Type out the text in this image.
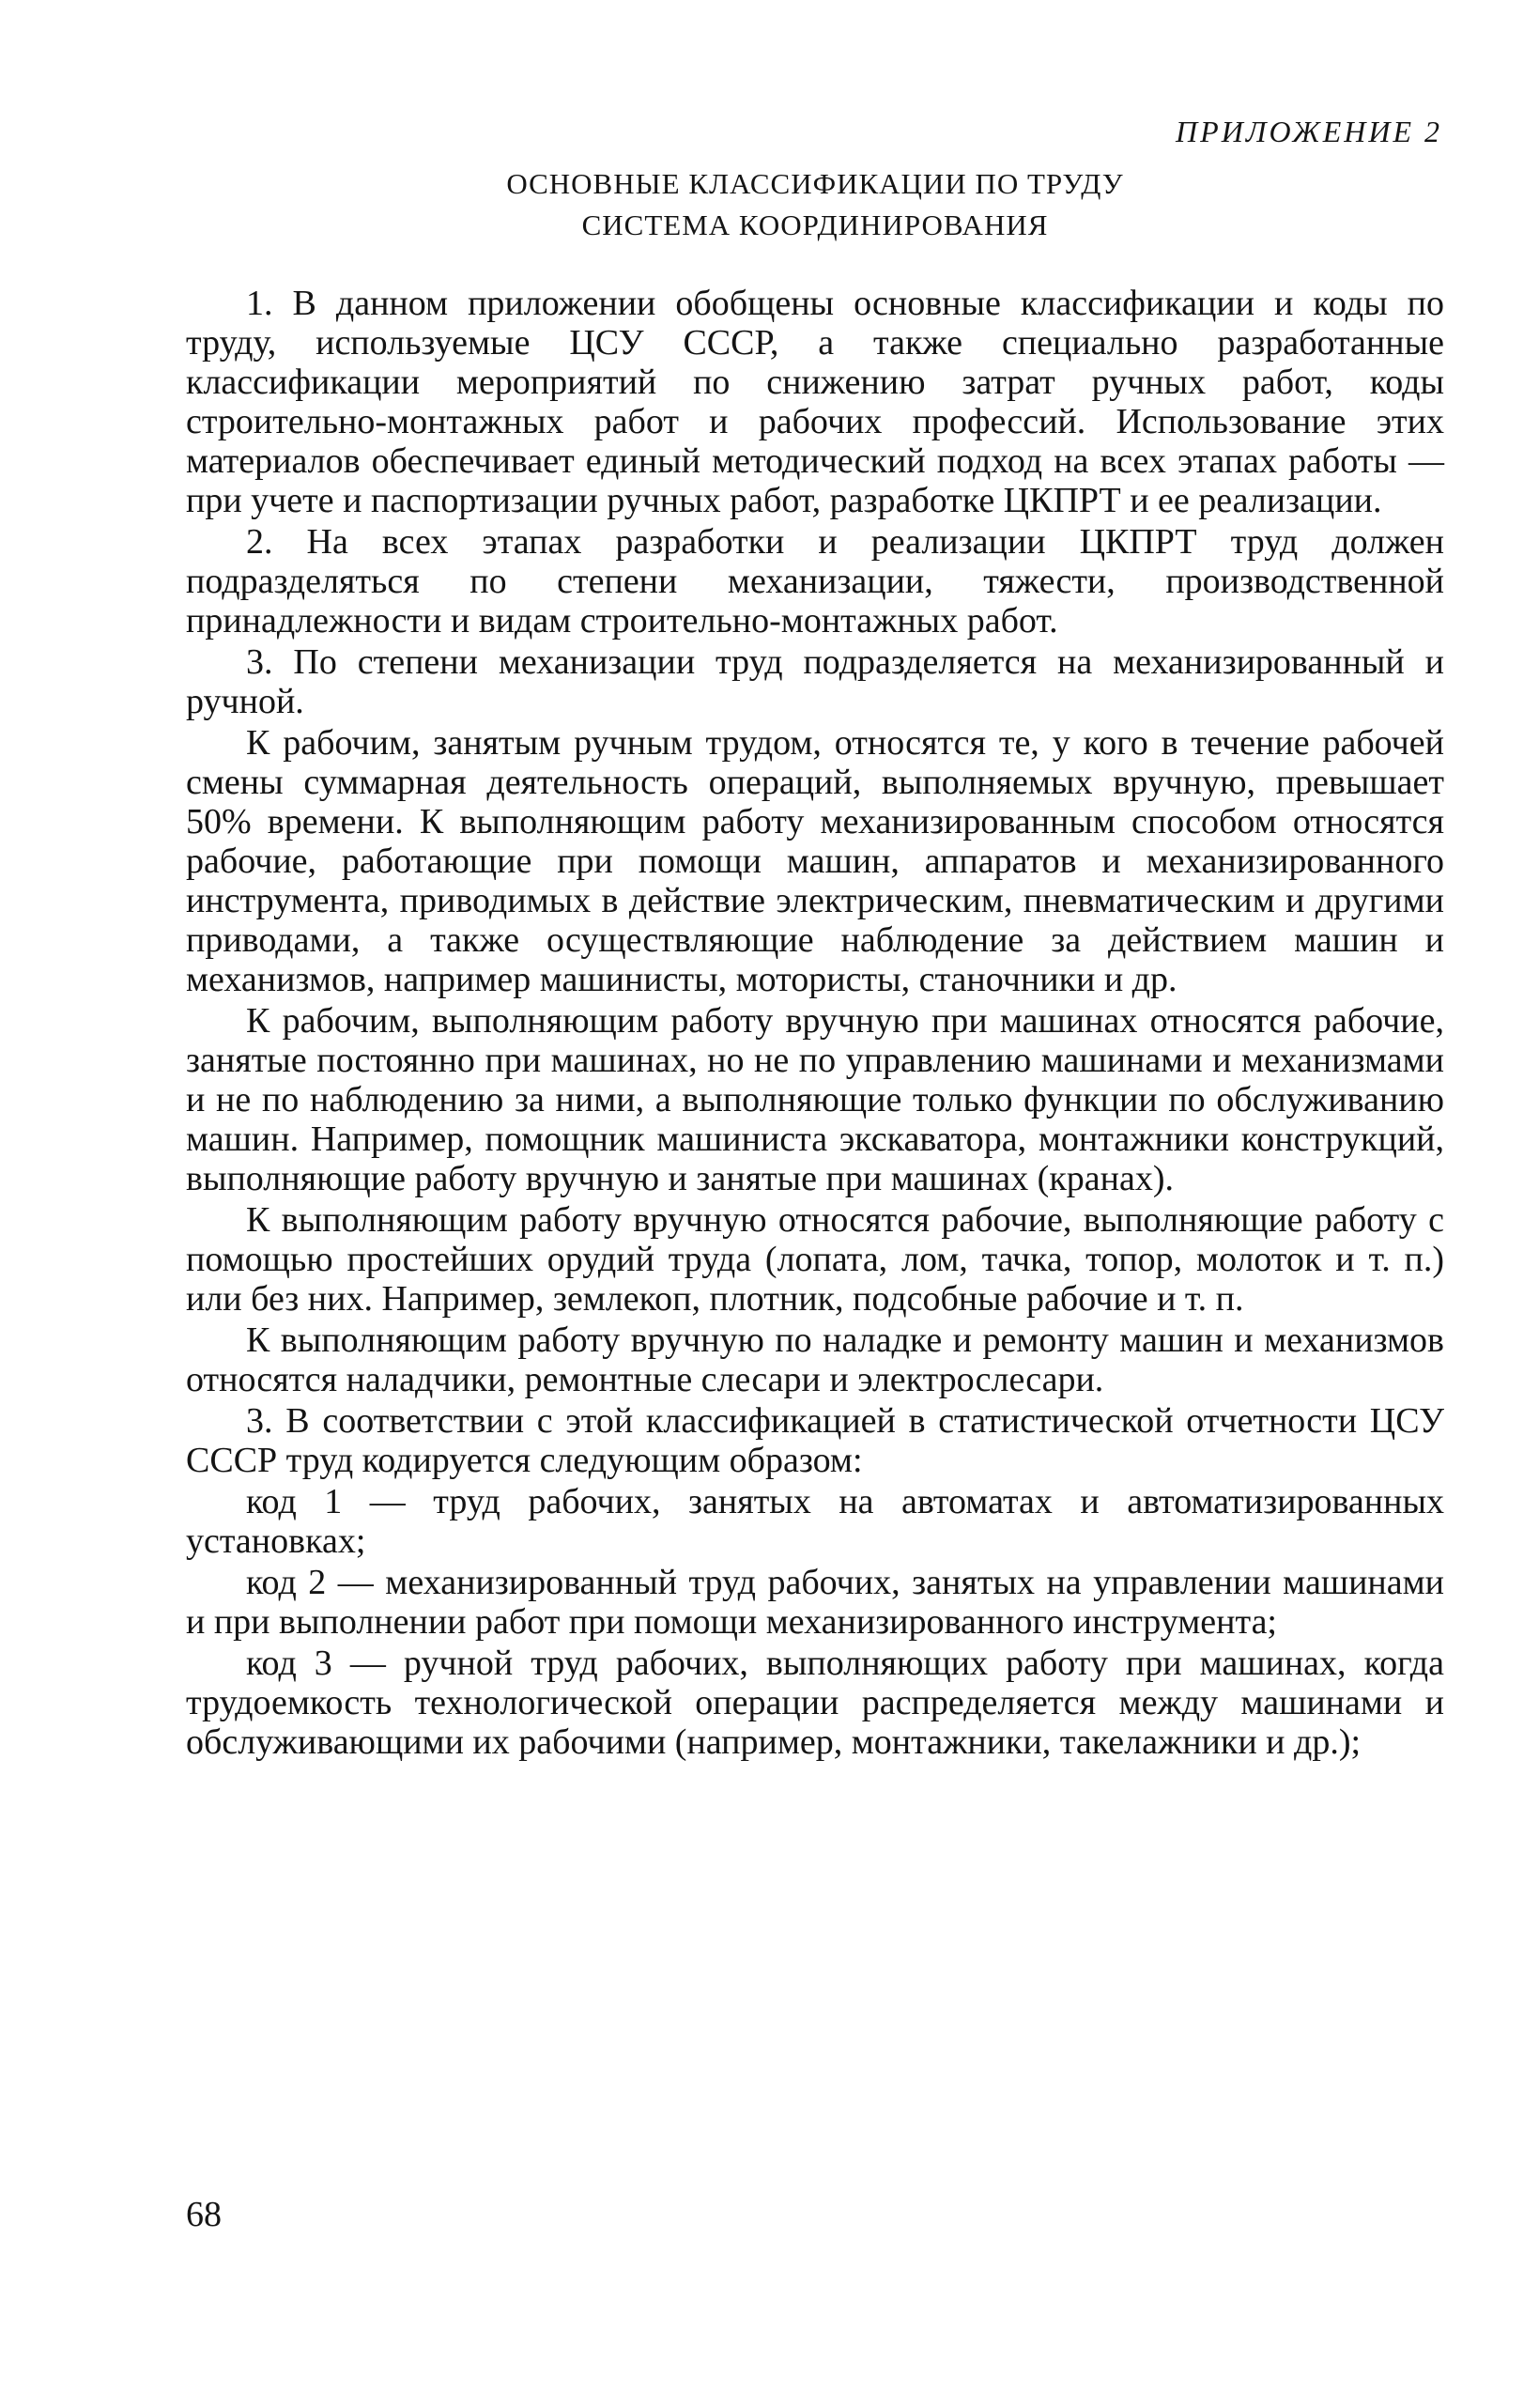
ПРИЛОЖЕНИЕ 2
ОСНОВНЫЕ КЛАССИФИКАЦИИ ПО ТРУДУ
СИСТЕМА КООРДИНИРОВАНИЯ

1. В данном приложении обобщены основные классификации и коды по труду, используемые ЦСУ СССР, а также специально разработанные классификации мероприятий по снижению затрат ручных работ, коды строительно-монтажных работ и рабочих профессий. Использование этих материалов обеспечивает единый методический подход на всех этапах работы — при учете и паспортизации ручных работ, разработке ЦКПРТ и ее реализации.

2. На всех этапах разработки и реализации ЦКПРТ труд должен подразделяться по степени механизации, тяжести, производственной принадлежности и видам строительно-монтажных работ.

3. По степени механизации труд подразделяется на механизированный и ручной.

К рабочим, занятым ручным трудом, относятся те, у кого в течение рабочей смены суммарная деятельность операций, выполняемых вручную, превышает 50% времени. К выполняющим работу механизированным способом относятся рабочие, работающие при помощи машин, аппаратов и механизированного инструмента, приводимых в действие электрическим, пневматическим и другими приводами, а также осуществляющие наблюдение за действием машин и механизмов, например машинисты, мотористы, станочники и др.

К рабочим, выполняющим работу вручную при машинах относятся рабочие, занятые постоянно при машинах, но не по управлению машинами и механизмами и не по наблюдению за ними, а выполняющие только функции по обслуживанию машин. Например, помощник машиниста экскаватора, монтажники конструкций, выполняющие работу вручную и занятые при машинах (кранах).

К выполняющим работу вручную относятся рабочие, выполняющие работу с помощью простейших орудий труда (лопата, лом, тачка, топор, молоток и т. п.) или без них. Например, землекоп, плотник, подсобные рабочие и т. п.

К выполняющим работу вручную по наладке и ремонту машин и механизмов относятся наладчики, ремонтные слесари и электрослесари.

3. В соответствии с этой классификацией в статистической отчетности ЦСУ СССР труд кодируется следующим образом:

код 1 — труд рабочих, занятых на автоматах и автоматизированных установках;

код 2 — механизированный труд рабочих, занятых на управлении машинами и при выполнении работ при помощи механизированного инструмента;

код 3 — ручной труд рабочих, выполняющих работу при машинах, когда трудоемкость технологической операции распределяется между машинами и обслуживающими их рабочими (например, монтажники, такелажники и др.);

68
